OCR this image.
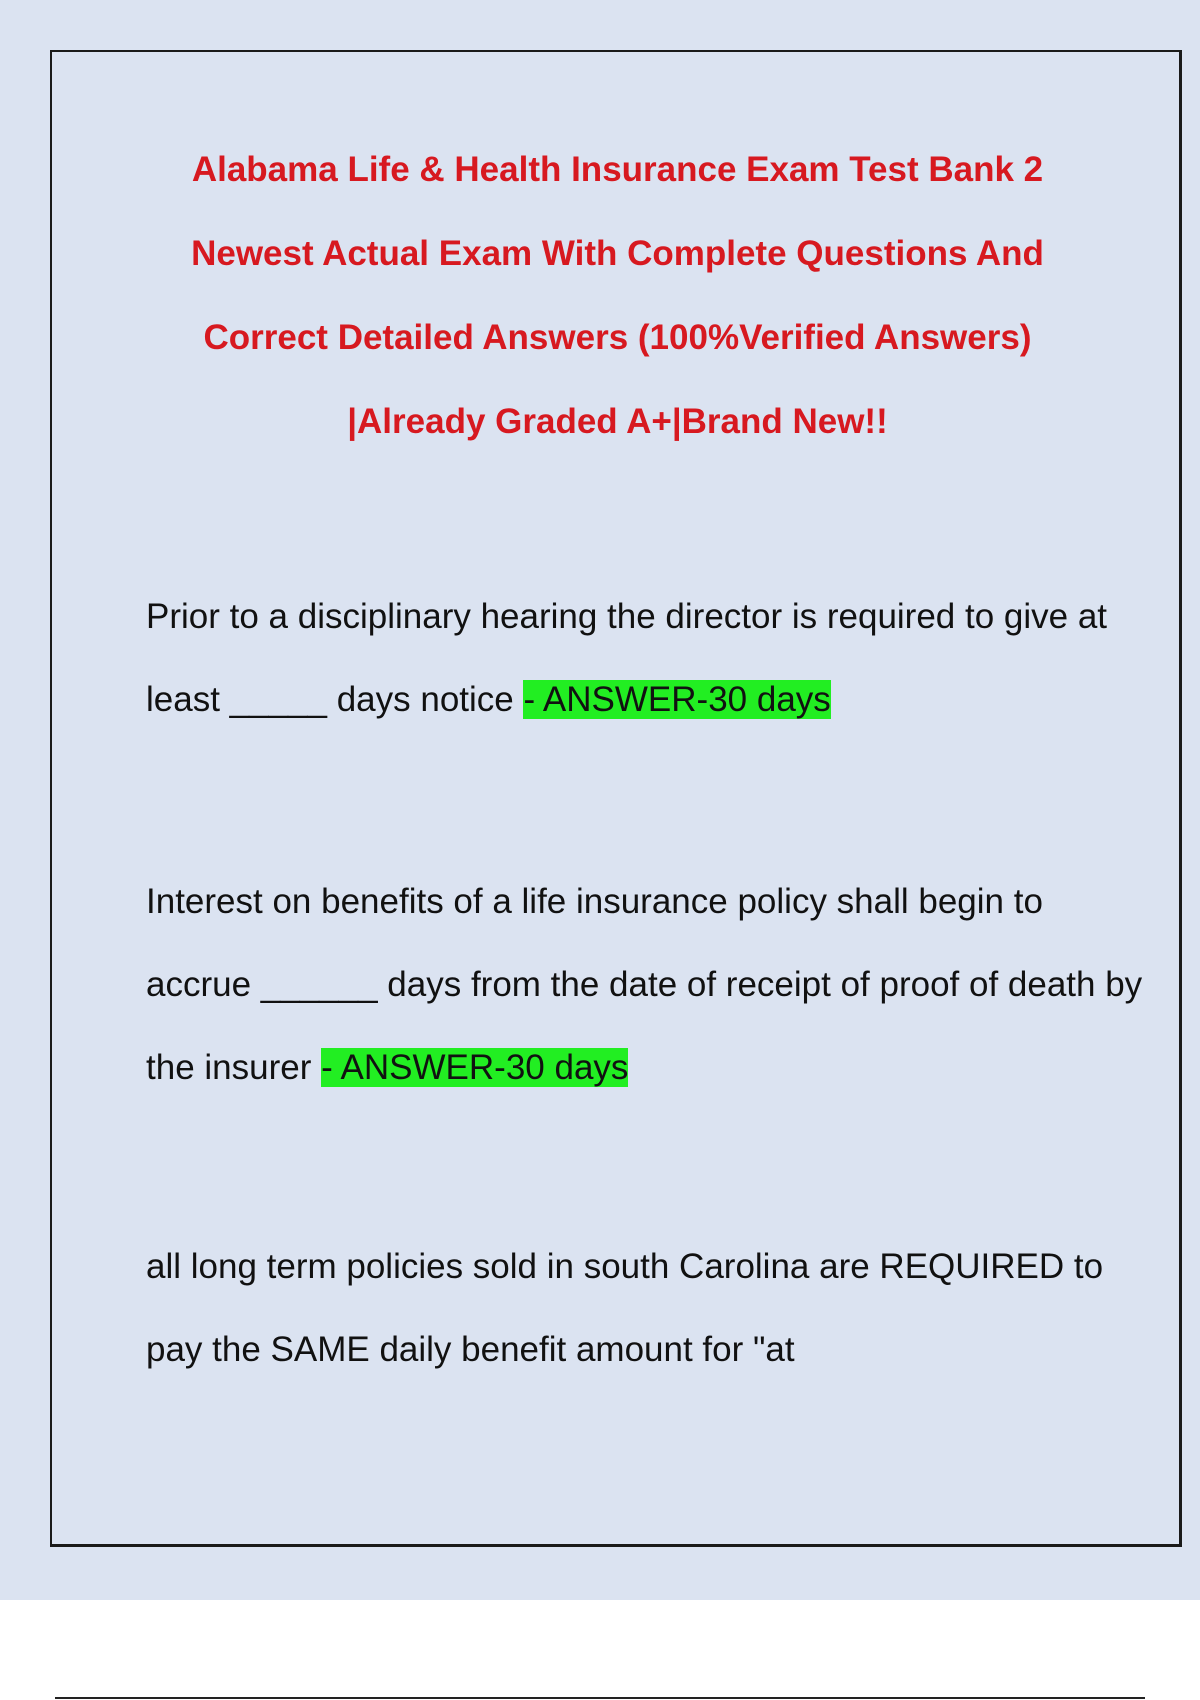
Alabama Life & Health Insurance Exam Test Bank 2
Newest Actual Exam With Complete Questions And
Correct Detailed Answers (100%Verified Answers)
|Already Graded A+|Brand New!!

Prior to a disciplinary hearing the director is required to give at least _____ days notice - ANSWER-30 days

Interest on benefits of a life insurance policy shall begin to accrue ______ days from the date of receipt of proof of death by the insurer - ANSWER-30 days

all long term policies sold in south Carolina are REQUIRED to pay the SAME daily benefit amount for "at
